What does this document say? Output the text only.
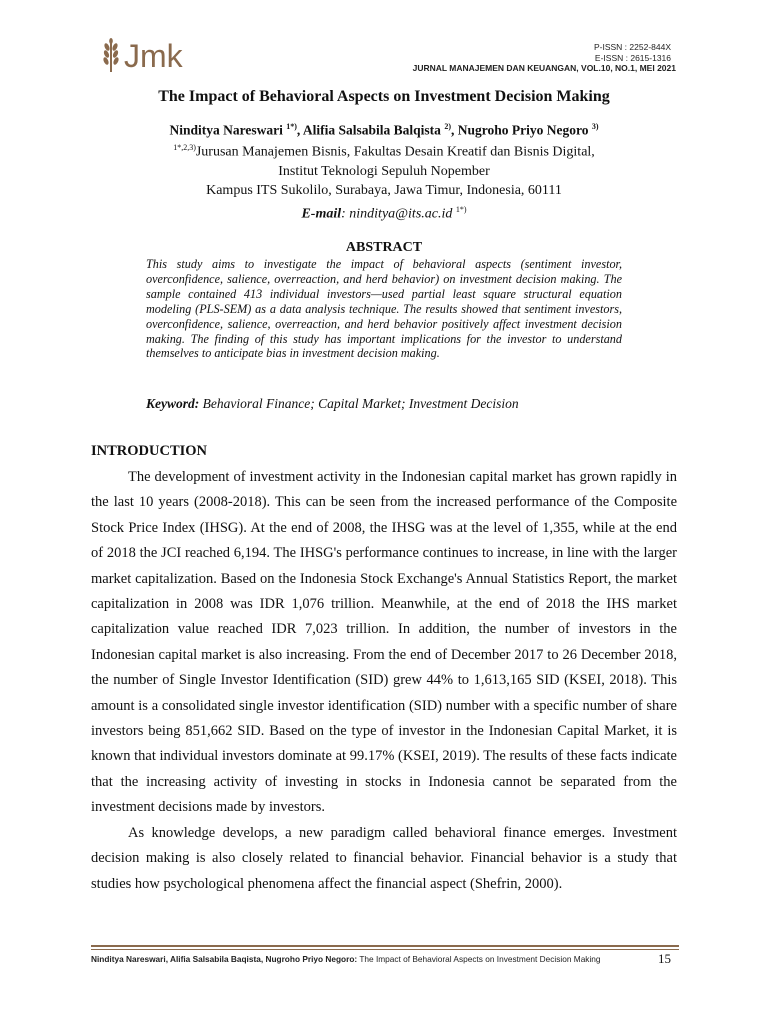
Jmk	P-ISSN : 2252-844X
E-ISSN : 2615-1316
JURNAL MANAJEMEN DAN KEUANGAN, VOL.10, NO.1, MEI 2021
The Impact of Behavioral Aspects on Investment Decision Making
Ninditya Nareswari $^{1*)}$, Alifia Salsabila Balqista $^{2)}$, Nugroho Priyo Negoro $^{3)}$
$^{1*,2,3)}$Jurusan Manajemen Bisnis, Fakultas Desain Kreatif dan Bisnis Digital,
Institut Teknologi Sepuluh Nopember
Kampus ITS Sukolilo, Surabaya, Jawa Timur, Indonesia, 60111
E-mail: ninditya@its.ac.id $^{1*)}$
ABSTRACT
This study aims to investigate the impact of behavioral aspects (sentiment investor, overconfidence, salience, overreaction, and herd behavior) on investment decision making. The sample contained 413 individual investors—used partial least square structural equation modeling (PLS-SEM) as a data analysis technique. The results showed that sentiment investors, overconfidence, salience, overreaction, and herd behavior positively affect investment decision making. The finding of this study has important implications for the investor to understand themselves to anticipate bias in investment decision making.
Keyword: Behavioral Finance; Capital Market; Investment Decision
INTRODUCTION

The development of investment activity in the Indonesian capital market has grown rapidly in the last 10 years (2008-2018). This can be seen from the increased performance of the Composite Stock Price Index (IHSG). At the end of 2008, the IHSG was at the level of 1,355, while at the end of 2018 the JCI reached 6,194. The IHSG's performance continues to increase, in line with the larger market capitalization. Based on the Indonesia Stock Exchange's Annual Statistics Report, the market capitalization in 2008 was IDR 1,076 trillion. Meanwhile, at the end of 2018 the IHS market capitalization value reached IDR 7,023 trillion. In addition, the number of investors in the Indonesian capital market is also increasing. From the end of December 2017 to 26 December 2018, the number of Single Investor Identification (SID) grew 44% to 1,613,165 SID (KSEI, 2018). This amount is a consolidated single investor identification (SID) number with a specific number of share investors being 851,662 SID. Based on the type of investor in the Indonesian Capital Market, it is known that individual investors dominate at 99.17% (KSEI, 2019). The results of these facts indicate that the increasing activity of investing in stocks in Indonesia cannot be separated from the investment decisions made by investors.

As knowledge develops, a new paradigm called behavioral finance emerges. Investment decision making is also closely related to financial behavior. Financial behavior is a study that studies how psychological phenomena affect the financial aspect (Shefrin, 2000).

Ninditya Nareswari, Alifia Salsabila Baqista, Nugroho Priyo Negoro: The Impact of Behavioral Aspects on Investment Decision Making	15
